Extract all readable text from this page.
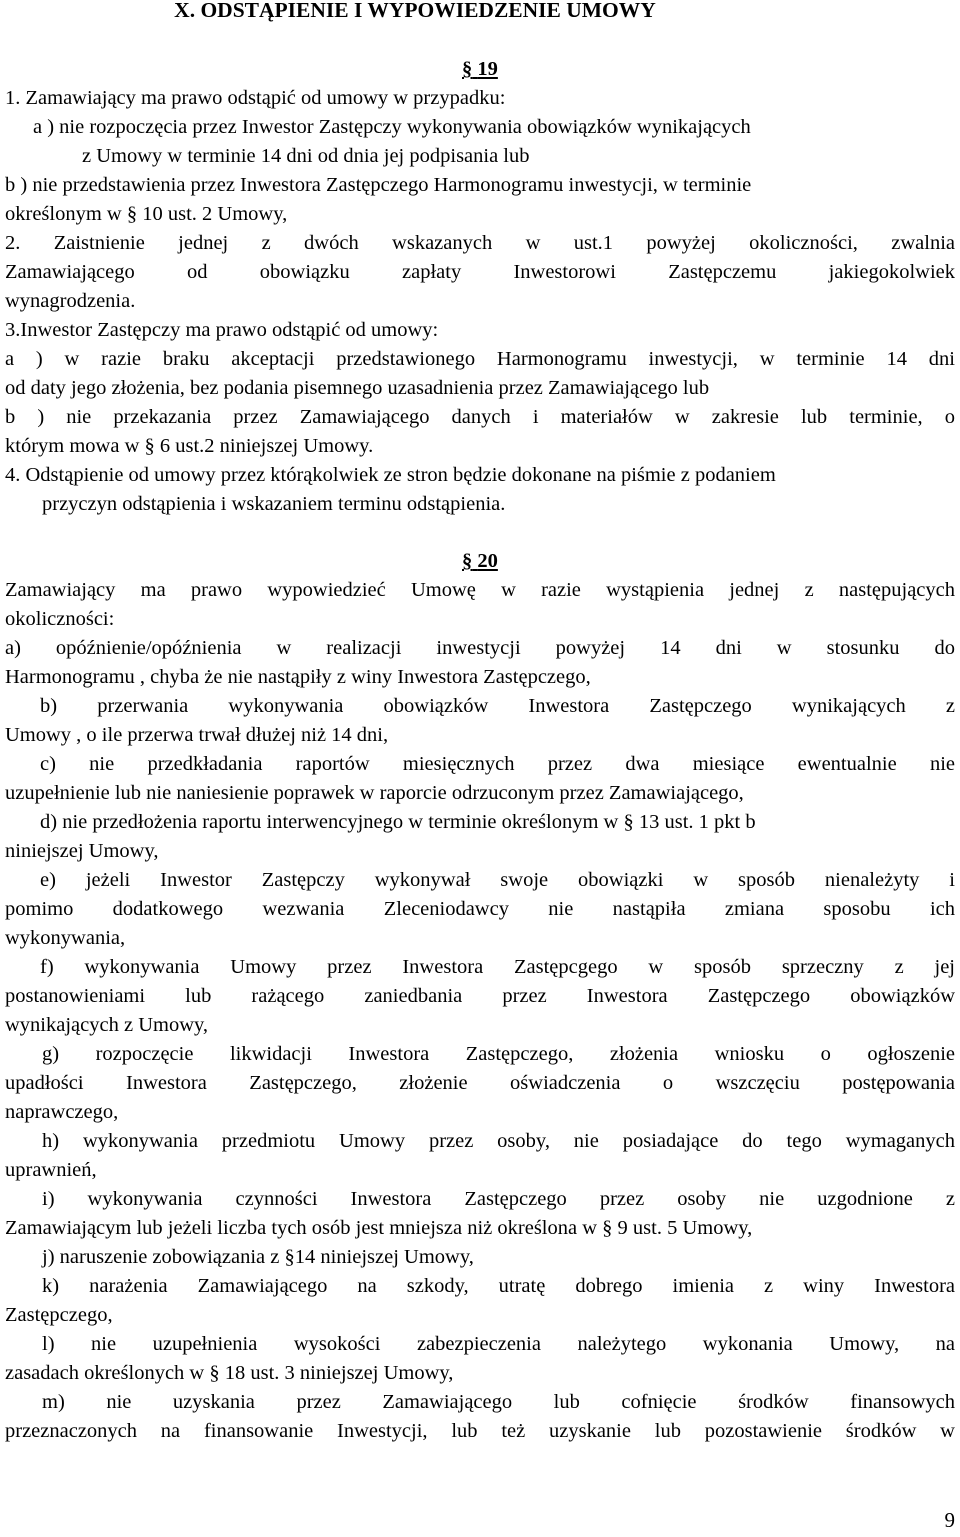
X. ODSTĄPIENIE I WYPOWIEDZENIE UMOWY
§ 19
1. Zamawiający ma prawo odstąpić od umowy w przypadku:
a ) nie rozpoczęcia przez Inwestor Zastępczy wykonywania obowiązków wynikających
z Umowy w terminie 14 dni od dnia jej podpisania lub
b ) nie przedstawienia przez Inwestora Zastępczego Harmonogramu inwestycji, w terminie
określonym w § 10 ust. 2 Umowy,
2. Zaistnienie jednej z dwóch wskazanych w ust.1 powyżej okoliczności, zwalnia
Zamawiającego od obowiązku zapłaty Inwestorowi Zastępczemu jakiegokolwiek
wynagrodzenia.
3.Inwestor Zastępczy ma prawo odstąpić od umowy:
a ) w razie braku akceptacji przedstawionego Harmonogramu inwestycji, w terminie 14 dni
od daty jego złożenia, bez podania pisemnego uzasadnienia przez Zamawiającego lub
b ) nie przekazania przez Zamawiającego danych i materiałów w zakresie lub terminie, o
którym mowa w § 6 ust.2 niniejszej Umowy.
4. Odstąpienie od umowy przez którąkolwiek ze stron będzie dokonane na piśmie z podaniem
przyczyn odstąpienia i wskazaniem terminu odstąpienia.
§ 20
Zamawiający ma prawo wypowiedzieć Umowę w razie wystąpienia jednej z następujących
okoliczności:
a) opóźnienie/opóźnienia w realizacji inwestycji powyżej 14 dni w stosunku do
Harmonogramu , chyba że nie nastąpiły z winy Inwestora Zastępczego,
b) przerwania wykonywania obowiązków Inwestora Zastępczego wynikających z
Umowy , o ile przerwa trwał dłużej niż 14 dni,
c) nie przedkładania raportów miesięcznych przez dwa miesiące ewentualnie nie
uzupełnienie lub nie naniesienie poprawek w raporcie odrzuconym przez Zamawiającego,
d) nie przedłożenia raportu interwencyjnego w terminie określonym w § 13 ust. 1 pkt b
niniejszej Umowy,
e) jeżeli Inwestor Zastępczy wykonywał swoje obowiązki w sposób nienależyty i
pomimo dodatkowego wezwania Zleceniodawcy nie nastąpiła zmiana sposobu ich
wykonywania,
f) wykonywania Umowy przez Inwestora Zastępcgego w sposób sprzeczny z jej
postanowieniami lub rażącego zaniedbania przez Inwestora Zastępczego obowiązków
wynikających z Umowy,
g) rozpoczęcie likwidacji Inwestora Zastępczego, złożenia wniosku o ogłoszenie
upadłości Inwestora Zastępczego, złożenie oświadczenia o wszczęciu postępowania
naprawczego,
h) wykonywania przedmiotu Umowy przez osoby, nie posiadające do tego wymaganych
uprawnień,
i) wykonywania czynności Inwestora Zastępczego przez osoby nie uzgodnione z
Zamawiającym lub jeżeli liczba tych osób jest mniejsza niż określona w § 9 ust. 5 Umowy,
j) naruszenie zobowiązania z §14 niniejszej Umowy,
k) narażenia Zamawiającego na szkody, utratę dobrego imienia z winy Inwestora
Zastępczego,
l) nie uzupełnienia wysokości zabezpieczenia należytego wykonania Umowy, na
zasadach określonych w § 18 ust. 3 niniejszej Umowy,
m) nie uzyskania przez Zamawiającego lub cofnięcie środków finansowych
przeznaczonych na finansowanie Inwestycji, lub też uzyskanie lub pozostawienie środków w
9
